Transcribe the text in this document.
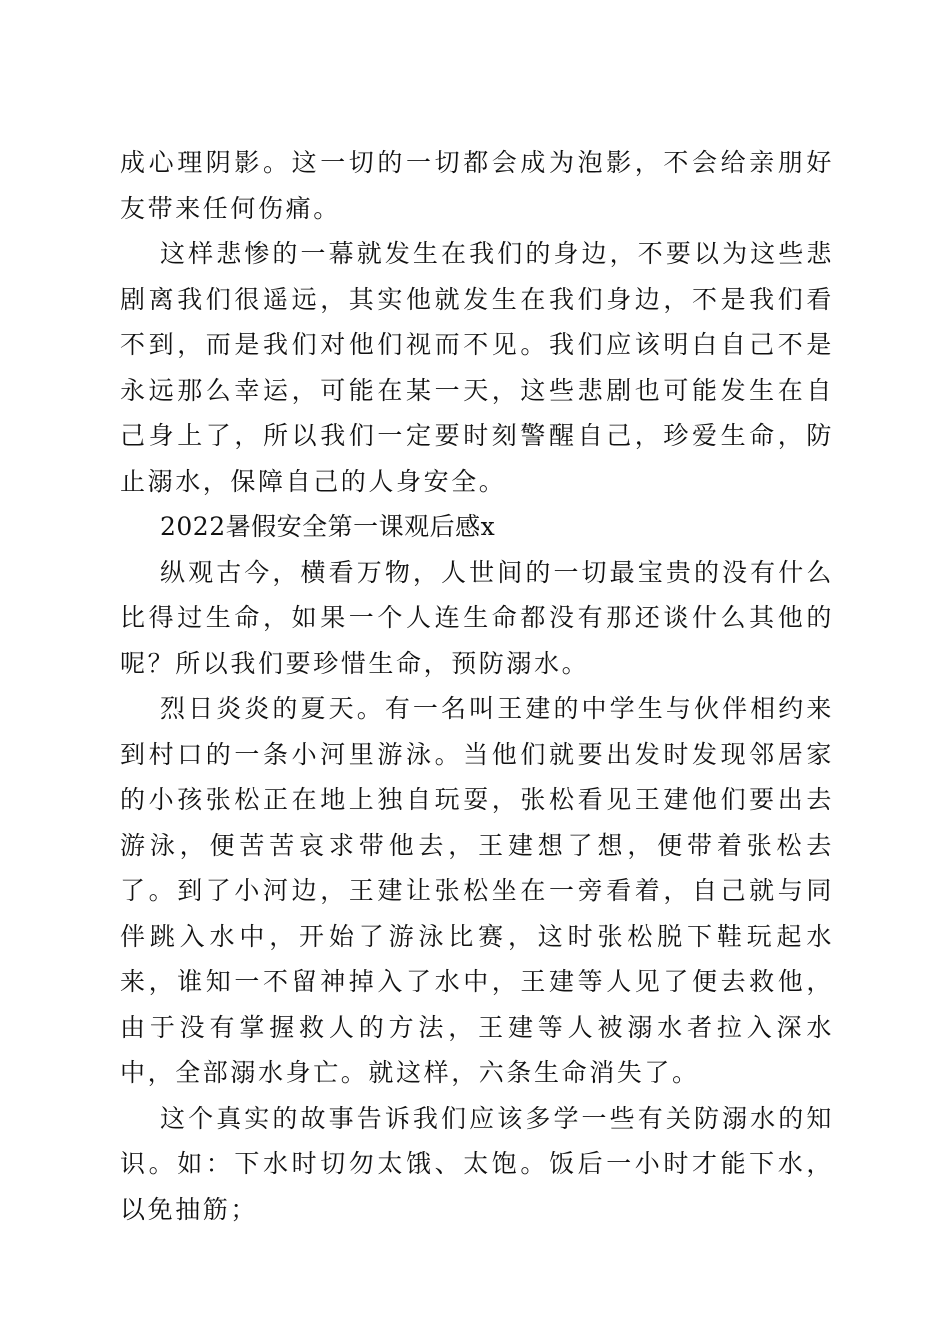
成心理阴影。这一切的一切都会成为泡影，不会给亲朋好友带来任何伤痛。

这样悲惨的一幕就发生在我们的身边，不要以为这些悲剧离我们很遥远，其实他就发生在我们身边，不是我们看不到，而是我们对他们视而不见。我们应该明白自己不是永远那么幸运，可能在某一天，这些悲剧也可能发生在自己身上了，所以我们一定要时刻警醒自己，珍爱生命，防止溺水，保障自己的人身安全。

2022暑假安全第一课观后感x

纵观古今，横看万物，人世间的一切最宝贵的没有什么比得过生命，如果一个人连生命都没有那还谈什么其他的呢？所以我们要珍惜生命，预防溺水。

烈日炎炎的夏天。有一名叫王建的中学生与伙伴相约来到村口的一条小河里游泳。当他们就要出发时发现邻居家的小孩张松正在地上独自玩耍，张松看见王建他们要出去游泳，便苦苦哀求带他去，王建想了想，便带着张松去了。到了小河边，王建让张松坐在一旁看着，自己就与同伴跳入水中，开始了游泳比赛，这时张松脱下鞋玩起水来，谁知一不留神掉入了水中，王建等人见了便去救他，由于没有掌握救人的方法，王建等人被溺水者拉入深水中，全部溺水身亡。就这样，六条生命消失了。

这个真实的故事告诉我们应该多学一些有关防溺水的知识。如：下水时切勿太饿、太饱。饭后一小时才能下水，以免抽筋；
